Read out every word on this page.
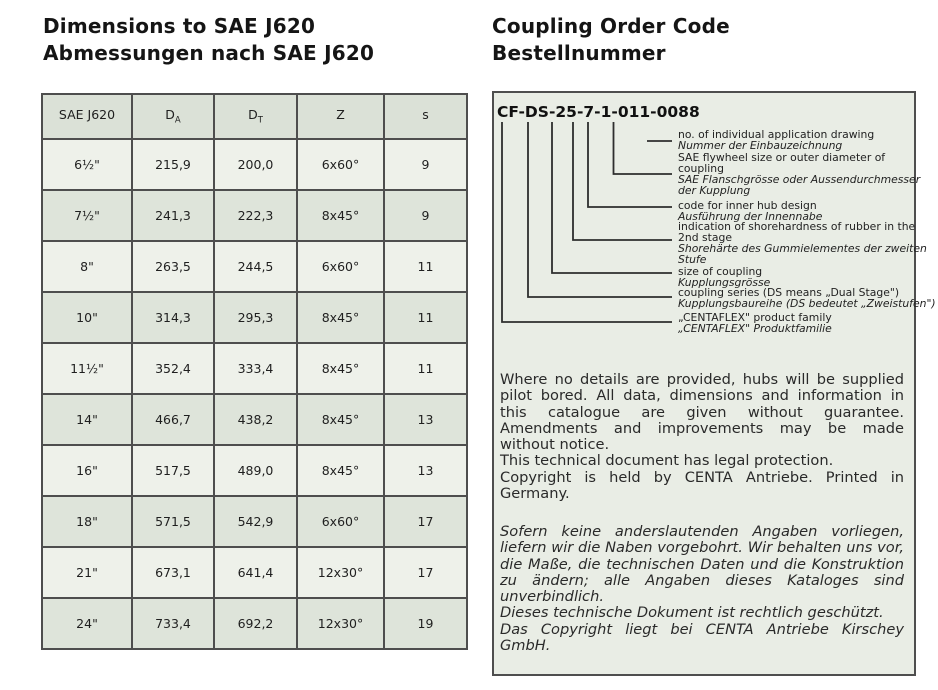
Dimensions to SAE J620
Abmessungen nach SAE J620
Coupling Order Code
Bestellnummer
SAE J620	$D_A$	$D_T$	Z	s
6½"	215,9	200,0	6x60°	9
7½"	241,3	222,3	8x45°	9
8"	263,5	244,5	6x60°	11
10"	314,3	295,3	8x45°	11
11½"	352,4	333,4	8x45°	11
14"	466,7	438,2	8x45°	13
16"	517,5	489,0	8x45°	13
18"	571,5	542,9	6x60°	17
21"	673,1	641,4	12x30°	17
24"	733,4	692,2	12x30°	19
CF-DS-25-7-1-011-0088
no. of individual application drawing
Nummer der Einbauzeichnung
SAE flywheel size or outer diameter of
coupling
SAE Flanschgrösse oder Aussendurchmesser
der Kupplung
code for inner hub design
Ausführung der Innennabe
indication of shorehardness of rubber in the
2nd stage
Shorehärte des Gummielementes der zweiten
Stufe
size of coupling
Kupplungsgrösse
coupling series (DS means „Dual Stage")
Kupplungsbaureihe (DS bedeutet „Zweistufen")
„CENTAFLEX" product family
„CENTAFLEX" Produktfamilie
Where no details are provided, hubs will be supplied pilot bored. All data, dimensions and information in this catalogue are given without guarantee. Amendments and improvements may be made without notice.
This technical document has legal protection.
Copyright is held by CENTA Antriebe. Printed in Germany.
Sofern keine anderslautenden Angaben vorliegen, liefern wir die Naben vorgebohrt. Wir behalten uns vor, die Maße, die technischen Daten und die Konstruktion zu ändern; alle Angaben dieses Kataloges sind unverbindlich.
Dieses technische Dokument ist rechtlich geschützt.
Das Copyright liegt bei CENTA Antriebe Kirschey GmbH.
